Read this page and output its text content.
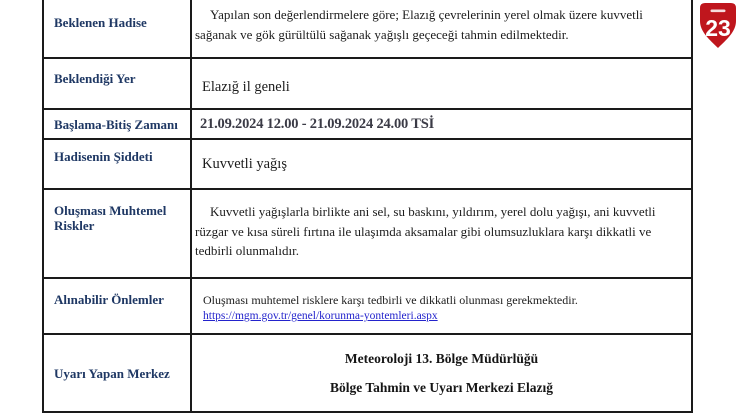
Beklenen Hadise

Yapılan son değerlendirmelere göre; Elazığ çevrelerinin yerel olmak üzere kuvvetli sağanak ve gök gürültülü sağanak yağışlı geçeceği tahmin edilmektedir.

Beklendiği Yer
Elazığ il geneli
Başlama-Bitiş Zamanı 21.09.2024 12.00 - 21.09.2024 24.00 TSİ
Hadisenin Şiddeti	Kuvvetli yağış
Oluşması Muhtemel Riskler

Kuvvetli yağışlarla birlikte ani sel, su baskını, yıldırım, yerel dolu yağışı, ani kuvvetli rüzgar ve kısa süreli fırtına ile ulaşımda aksamalar gibi olumsuzluklara karşı dikkatli ve tedbirli olunmalıdır.

Alınabilir Önlemler	Oluşması muhtemel risklere karşı tedbirli ve dikkatli olunması gerekmektedir.
https://mgm.gov.tr/genel/korunma-yontemleri.aspx
Uyarı Yapan Merkez
Meteoroloji 13. Bölge Müdürlüğü
Bölge Tahmin ve Uyarı Merkezi Elazığ
23
